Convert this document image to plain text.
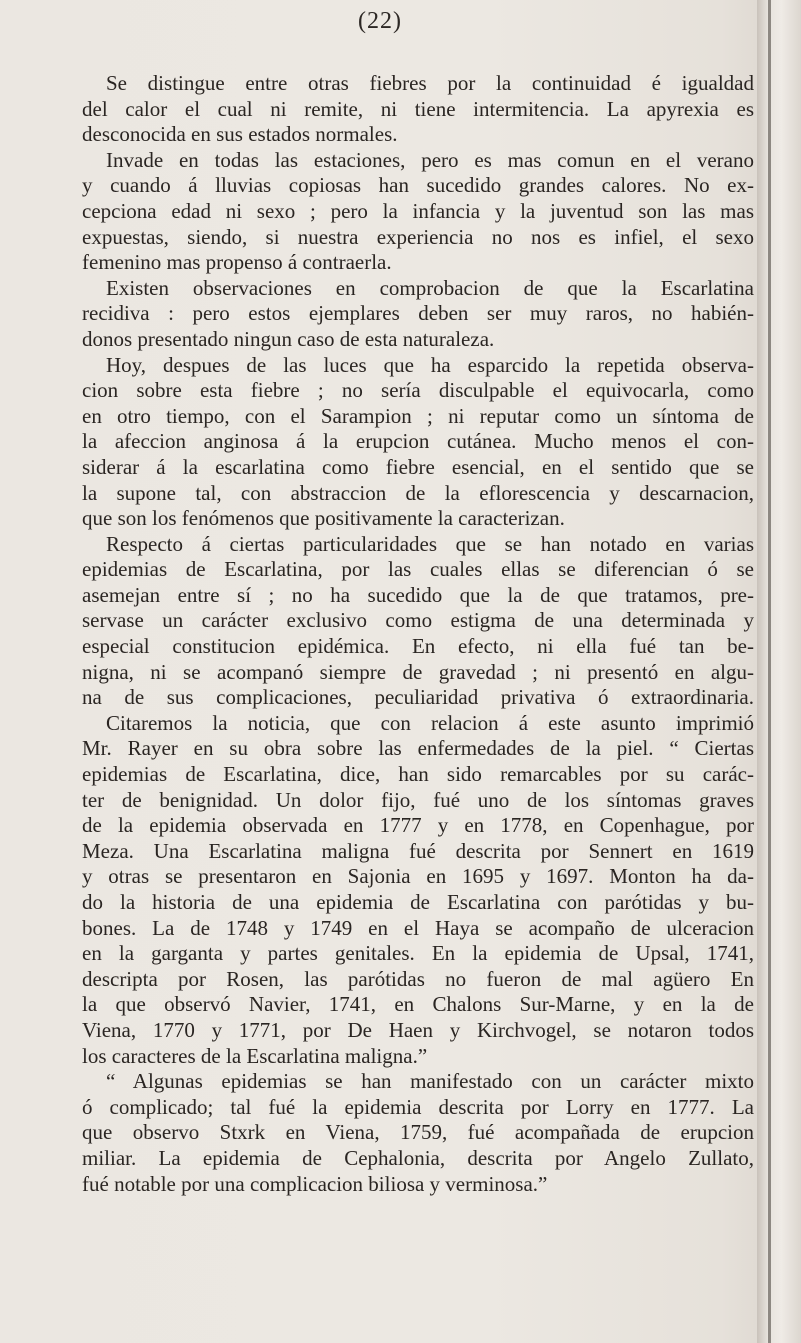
(22)
Se distingue entre otras fiebres por la continuidad é igualdad
del calor el cual ni remite, ni tiene intermitencia. La apyrexia es
desconocida en sus estados normales.
Invade en todas las estaciones, pero es mas comun en el verano
y cuando á lluvias copiosas han sucedido grandes calores. No ex-
cepciona edad ni sexo ; pero la infancia y la juventud son las mas
expuestas, siendo, si nuestra experiencia no nos es infiel, el sexo
femenino mas propenso á contraerla.
Existen observaciones en comprobacion de que la Escarlatina
recidiva : pero estos ejemplares deben ser muy raros, no habién-
donos presentado ningun caso de esta naturaleza.
Hoy, despues de las luces que ha esparcido la repetida observa-
cion sobre esta fiebre ; no sería disculpable el equivocarla, como
en otro tiempo, con el Sarampion ; ni reputar como un síntoma de
la afeccion anginosa á la erupcion cutánea. Mucho menos el con-
siderar á la escarlatina como fiebre esencial, en el sentido que se
la supone tal, con abstraccion de la eflorescencia y descarnacion,
que son los fenómenos que positivamente la caracterizan.
Respecto á ciertas particularidades que se han notado en varias
epidemias de Escarlatina, por las cuales ellas se diferencian ó se
asemejan entre sí ; no ha sucedido que la de que tratamos, pre-
servase un carácter exclusivo como estigma de una determinada y
especial constitucion epidémica. En efecto, ni ella fué tan be-
nigna, ni se acompanó siempre de gravedad ; ni presentó en algu-
na de sus complicaciones, peculiaridad privativa ó extraordinaria.
Citaremos la noticia, que con relacion á este asunto imprimió
Mr. Rayer en su obra sobre las enfermedades de la piel. “ Ciertas
epidemias de Escarlatina, dice, han sido remarcables por su carác-
ter de benignidad. Un dolor fijo, fué uno de los síntomas graves
de la epidemia observada en 1777 y en 1778, en Copenhague, por
Meza. Una Escarlatina maligna fué descrita por Sennert en 1619
y otras se presentaron en Sajonia en 1695 y 1697. Monton ha da-
do la historia de una epidemia de Escarlatina con parótidas y bu-
bones. La de 1748 y 1749 en el Haya se acompaño de ulceracion
en la garganta y partes genitales. En la epidemia de Upsal, 1741,
descripta por Rosen, las parótidas no fueron de mal agüero En
la que observó Navier, 1741, en Chalons Sur-Marne, y en la de
Viena, 1770 y 1771, por De Haen y Kirchvogel, se notaron todos
los caracteres de la Escarlatina maligna.”
“ Algunas epidemias se han manifestado con un carácter mixto
ó complicado; tal fué la epidemia descrita por Lorry en 1777. La
que observo Stxrk en Viena, 1759, fué acompañada de erupcion
miliar. La epidemia de Cephalonia, descrita por Angelo Zullato,
fué notable por una complicacion biliosa y verminosa.”
